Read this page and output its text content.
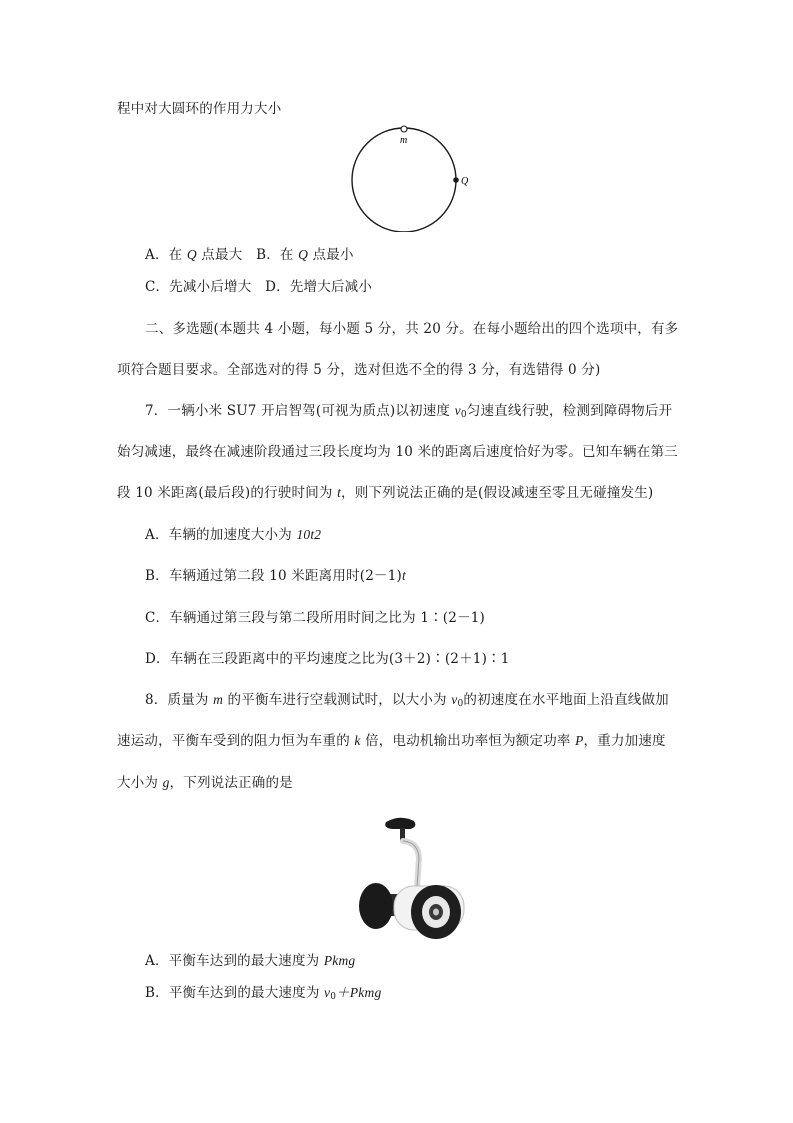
程中对大圆环的作用力大小
m
Q
A．在 Q 点最大　B．在 Q 点最小
C．先减小后增大　D．先增大后减小
二、多选题(本题共 4 小题，每小题 5 分，共 20 分。在每小题给出的四个选项中，有多
项符合题目要求。全部选对的得 5 分，选对但选不全的得 3 分，有选错得 0 分)
7．一辆小米 SU7 开启智驾(可视为质点)以初速度 $v_0$匀速直线行驶，检测到障碍物后开
始匀减速，最终在减速阶段通过三段长度均为 10 米的距离后速度恰好为零。已知车辆在第三
段 10 米距离(最后段)的行驶时间为 t，则下列说法正确的是(假设减速至零且无碰撞发生)
A．车辆的加速度大小为 10t2
B．车辆通过第二段 10 米距离用时(2－1)t
C．车辆通过第三段与第二段所用时间之比为 1∶(2－1)
D．车辆在三段距离中的平均速度之比为(3＋2)∶(2＋1)∶1
8．质量为 m 的平衡车进行空载测试时，以大小为 $v_0$的初速度在水平地面上沿直线做加
速运动，平衡车受到的阻力恒为车重的 k 倍，电动机输出功率恒为额定功率 P，重力加速度
大小为 g，下列说法正确的是
A．平衡车达到的最大速度为 Pkmg
B．平衡车达到的最大速度为 $v_0+Pkmg$
